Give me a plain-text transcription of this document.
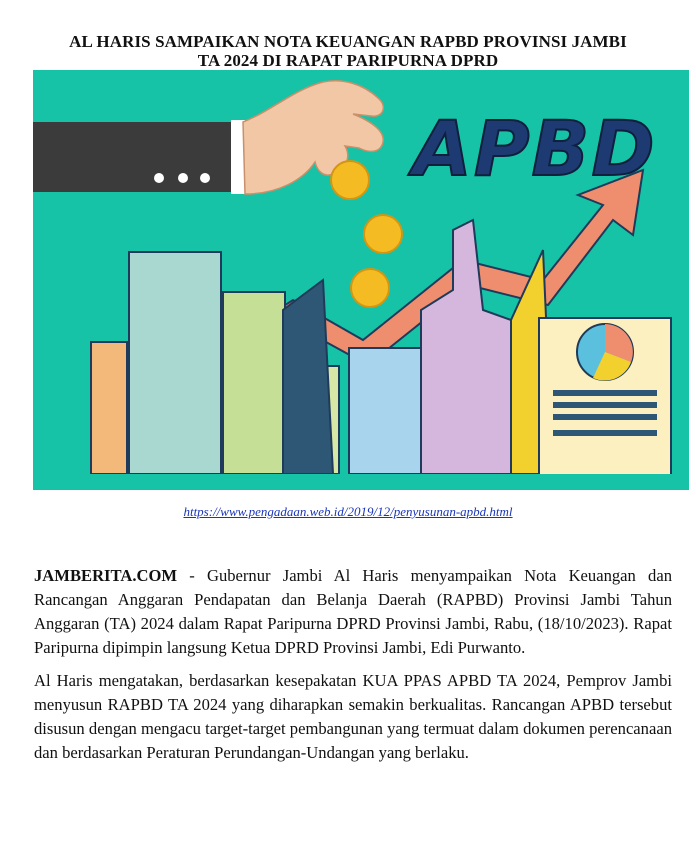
AL HARIS SAMPAIKAN NOTA KEUANGAN RAPBD PROVINSI JAMBI
TA 2024 DI RAPAT PARIPURNA DPRD
APBD
https://www.pengadaan.web.id/2019/12/penyusunan-apbd.html

JAMBERITA.COM - Gubernur Jambi Al Haris menyampaikan Nota Keuangan dan Rancangan Anggaran Pendapatan dan Belanja Daerah (RAPBD) Provinsi Jambi Tahun Anggaran (TA) 2024 dalam Rapat Paripurna DPRD Provinsi Jambi, Rabu, (18/10/2023). Rapat Paripurna dipimpin langsung Ketua DPRD Provinsi Jambi, Edi Purwanto.

Al Haris mengatakan, berdasarkan kesepakatan KUA PPAS APBD TA 2024, Pemprov Jambi menyusun RAPBD TA 2024 yang diharapkan semakin berkualitas. Rancangan APBD tersebut disusun dengan mengacu target-target pembangunan yang termuat dalam dokumen perencanaan dan berdasarkan Peraturan Perundangan-Undangan yang berlaku.
